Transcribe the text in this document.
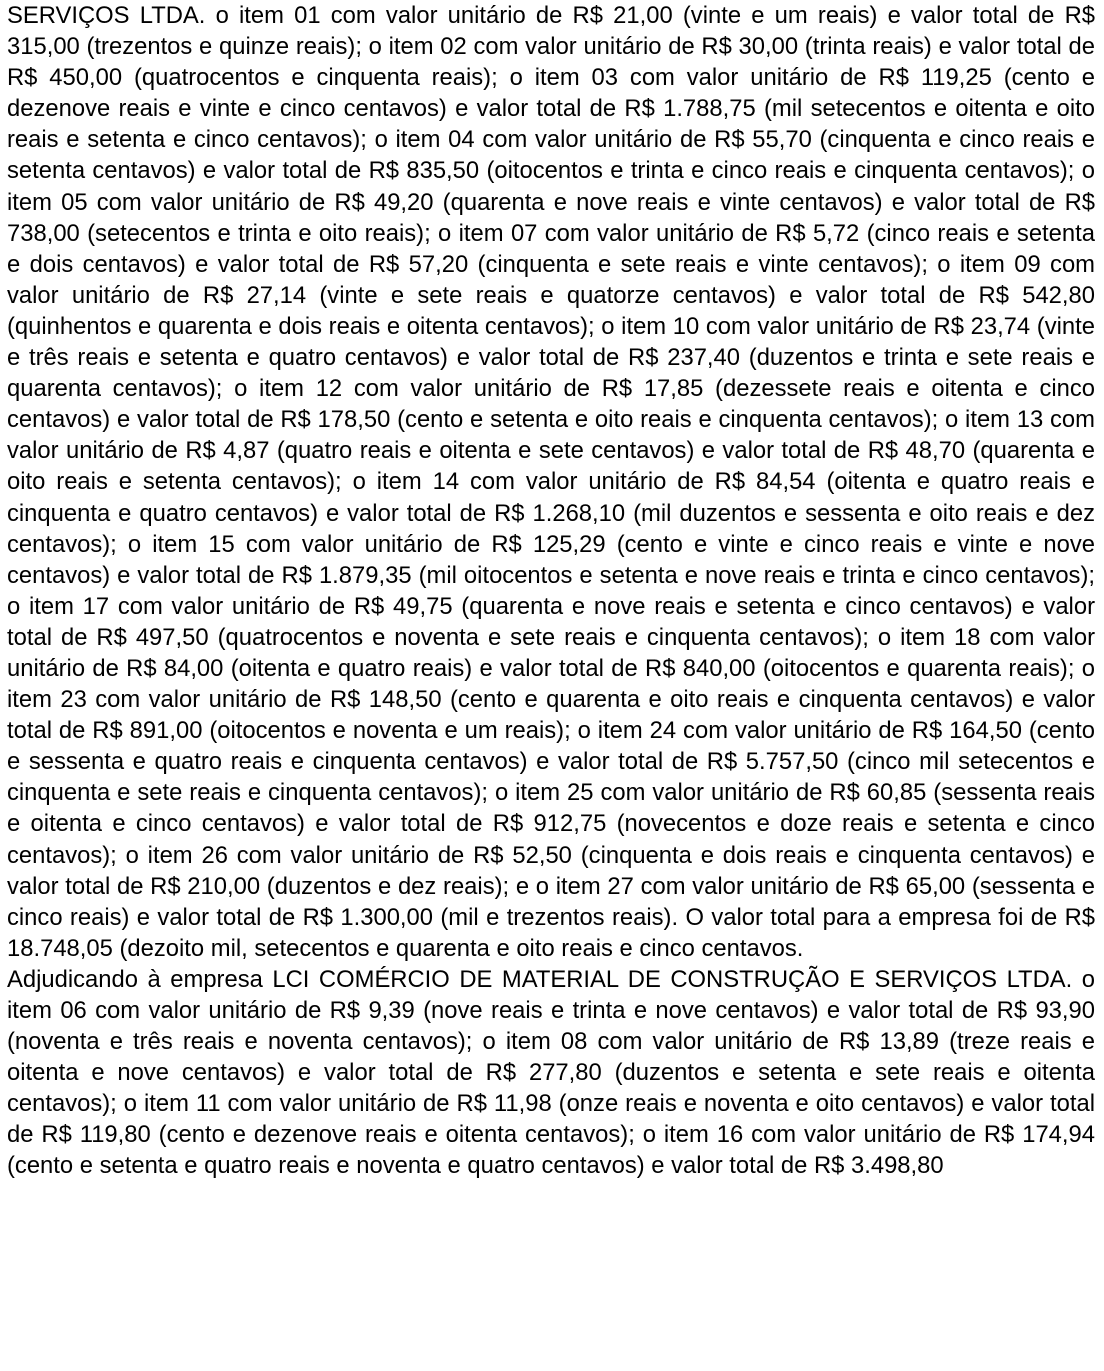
SERVIÇOS LTDA. o item 01 com valor unitário de R$ 21,00 (vinte e um reais) e valor total de R$ 315,00 (trezentos e quinze reais); o item 02 com valor unitário de R$ 30,00 (trinta reais) e valor total de R$ 450,00 (quatrocentos e cinquenta reais); o item 03 com valor unitário de R$ 119,25 (cento e dezenove reais e vinte e cinco centavos) e valor total de R$ 1.788,75 (mil setecentos e oitenta e oito reais e setenta e cinco centavos); o item 04 com valor unitário de R$ 55,70 (cinquenta e cinco reais e setenta centavos) e valor total de R$ 835,50 (oitocentos e trinta e cinco reais e cinquenta centavos); o item 05 com valor unitário de R$ 49,20 (quarenta e nove reais e vinte centavos) e valor total de R$ 738,00 (setecentos e trinta e oito reais); o item 07 com valor unitário de R$ 5,72 (cinco reais e setenta e dois centavos) e valor total de R$ 57,20 (cinquenta e sete reais e vinte centavos); o item 09 com valor unitário de R$ 27,14 (vinte e sete reais e quatorze centavos) e valor total de R$ 542,80 (quinhentos e quarenta e dois reais e oitenta centavos); o item 10 com valor unitário de R$ 23,74 (vinte e três reais e setenta e quatro centavos) e valor total de R$ 237,40 (duzentos e trinta e sete reais e quarenta centavos); o item 12 com valor unitário de R$ 17,85 (dezessete reais e oitenta e cinco centavos) e valor total de R$ 178,50 (cento e setenta e oito reais e cinquenta centavos); o item 13 com valor unitário de R$ 4,87 (quatro reais e oitenta e sete centavos) e valor total de R$ 48,70 (quarenta e oito reais e setenta centavos); o item 14 com valor unitário de R$ 84,54 (oitenta e quatro reais e cinquenta e quatro centavos) e valor total de R$ 1.268,10 (mil duzentos e sessenta e oito reais e dez centavos); o item 15 com valor unitário de R$ 125,29 (cento e vinte e cinco reais e vinte e nove centavos) e valor total de R$ 1.879,35 (mil oitocentos e setenta e nove reais e trinta e cinco centavos); o item 17 com valor unitário de R$ 49,75 (quarenta e nove reais e setenta e cinco centavos) e valor total de R$ 497,50 (quatrocentos e noventa e sete reais e cinquenta centavos); o item 18 com valor unitário de R$ 84,00 (oitenta e quatro reais) e valor total de R$ 840,00 (oitocentos e quarenta reais); o item 23 com valor unitário de R$ 148,50 (cento e quarenta e oito reais e cinquenta centavos) e valor total de R$ 891,00 (oitocentos e noventa e um reais); o item 24 com valor unitário de R$ 164,50 (cento e sessenta e quatro reais e cinquenta centavos) e valor total de R$ 5.757,50 (cinco mil setecentos e cinquenta e sete reais e cinquenta centavos); o item 25 com valor unitário de R$ 60,85 (sessenta reais e oitenta e cinco centavos) e valor total de R$ 912,75 (novecentos e doze reais e setenta e cinco centavos); o item 26 com valor unitário de R$ 52,50 (cinquenta e dois reais e cinquenta centavos) e valor total de R$ 210,00 (duzentos e dez reais); e o item 27 com valor unitário de R$ 65,00 (sessenta e cinco reais) e valor total de R$ 1.300,00 (mil e trezentos reais). O valor total para a empresa foi de R$ 18.748,05 (dezoito mil, setecentos e quarenta e oito reais e cinco centavos.

Adjudicando à empresa LCI COMÉRCIO DE MATERIAL DE CONSTRUÇÃO E SERVIÇOS LTDA. o item 06 com valor unitário de R$ 9,39 (nove reais e trinta e nove centavos) e valor total de R$ 93,90 (noventa e três reais e noventa centavos); o item 08 com valor unitário de R$ 13,89 (treze reais e oitenta e nove centavos) e valor total de R$ 277,80 (duzentos e setenta e sete reais e oitenta centavos); o item 11 com valor unitário de R$ 11,98 (onze reais e noventa e oito centavos) e valor total de R$ 119,80 (cento e dezenove reais e oitenta centavos); o item 16 com valor unitário de R$ 174,94 (cento e setenta e quatro reais e noventa e quatro centavos) e valor total de R$ 3.498,80
